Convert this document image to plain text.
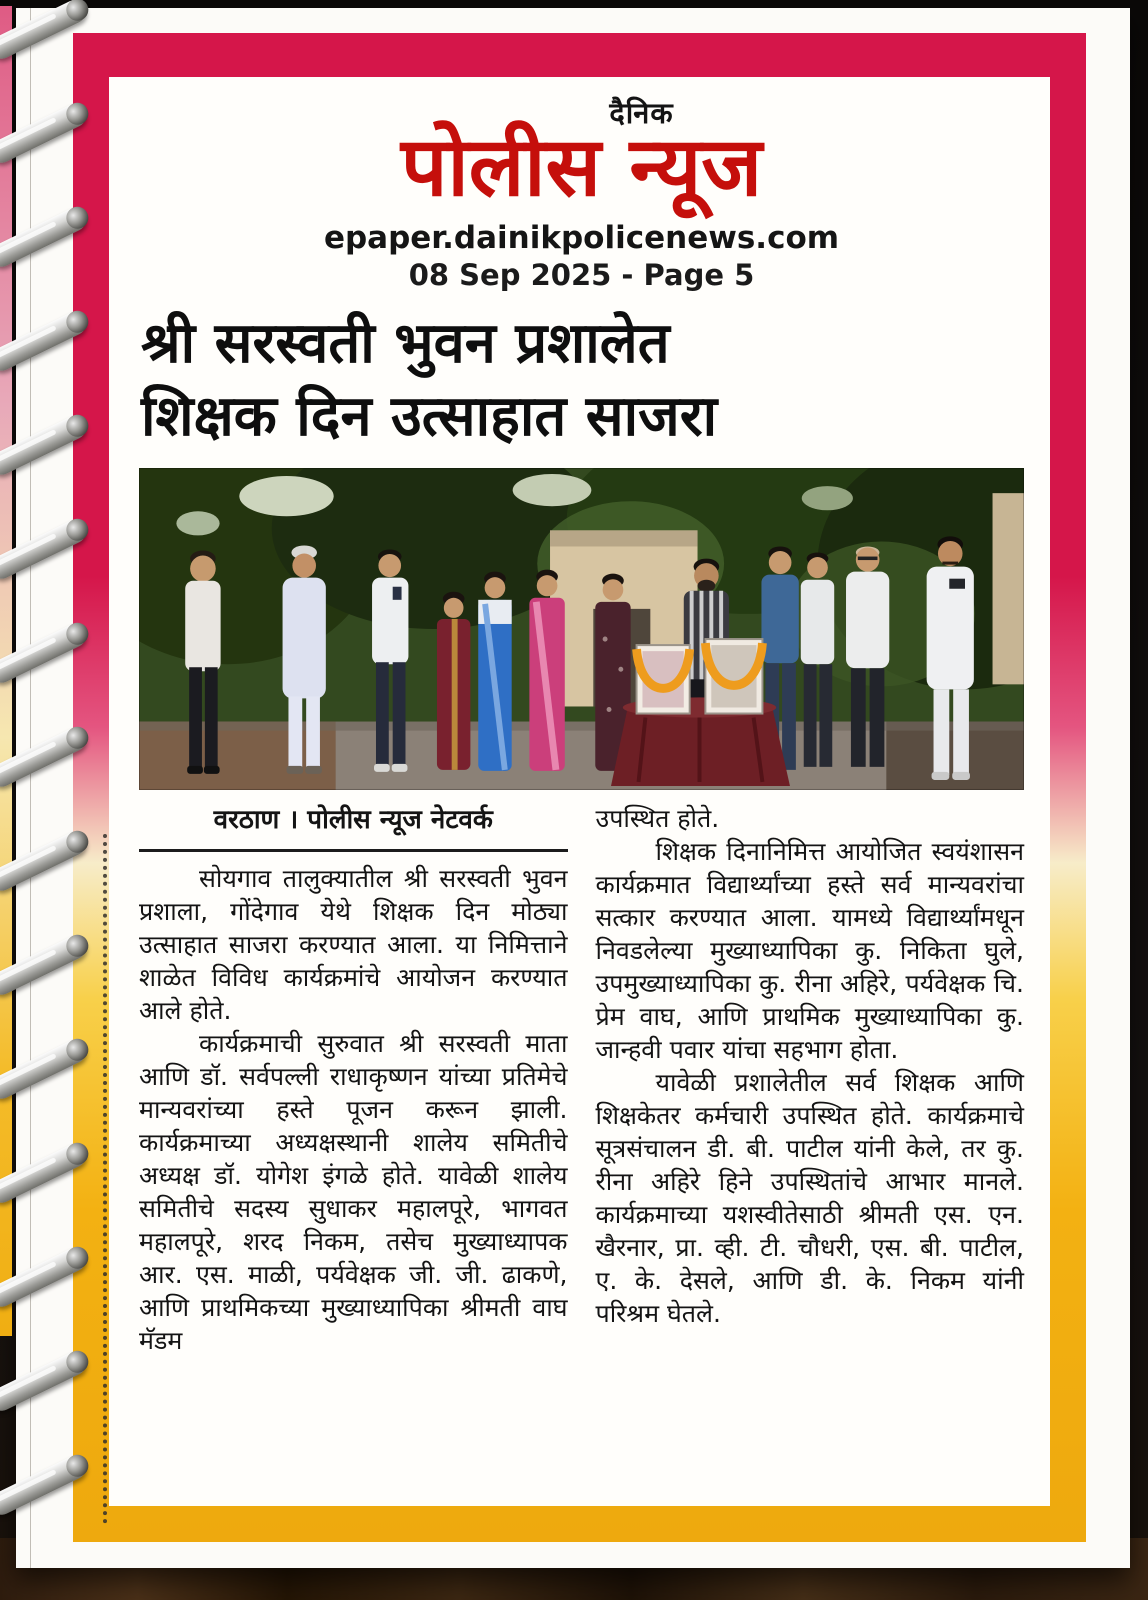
दैनिक
पोलीस न्यूज
epaper.dainikpolicenews.com
08 Sep 2025 - Page 5
श्री सरस्वती भुवन प्रशालेत
शिक्षक दिन उत्साहात साजरा
वरठाण । पोलीस न्यूज नेटवर्क

सोयगाव तालुक्यातील श्री सरस्वती भुवन प्रशाला, गोंदेगाव येथे शिक्षक दिन मोठ्या उत्साहात साजरा करण्यात आला. या निमित्ताने शाळेत विविध कार्यक्रमांचे आयोजन करण्यात आले होते.

कार्यक्रमाची सुरुवात श्री सरस्वती माता आणि डॉ. सर्वपल्ली राधाकृष्णन यांच्या प्रतिमेचे मान्यवरांच्या हस्ते पूजन करून झाली. कार्यक्रमाच्या अध्यक्षस्थानी शालेय समितीचे अध्यक्ष डॉ. योगेश इंगळे होते. यावेळी शालेय समितीचे सदस्य सुधाकर महालपूरे, भागवत महालपूरे, शरद निकम, तसेच मुख्याध्यापक आर. एस. माळी, पर्यवेक्षक जी. जी. ढाकणे, आणि प्राथमिकच्या मुख्याध्यापिका श्रीमती वाघ मॅडम

उपस्थित होते.

शिक्षक दिनानिमित्त आयोजित स्वयंशासन कार्यक्रमात विद्यार्थ्यांच्या हस्ते सर्व मान्यवरांचा सत्कार करण्यात आला. यामध्ये विद्यार्थ्यांमधून निवडलेल्या मुख्याध्यापिका कु. निकिता घुले, उपमुख्याध्यापिका कु. रीना अहिरे, पर्यवेक्षक चि. प्रेम वाघ, आणि प्राथमिक मुख्याध्यापिका कु. जान्हवी पवार यांचा सहभाग होता.

यावेळी प्रशालेतील सर्व शिक्षक आणि शिक्षकेतर कर्मचारी उपस्थित होते. कार्यक्रमाचे सूत्रसंचालन डी. बी. पाटील यांनी केले, तर कु. रीना अहिरे हिने उपस्थितांचे आभार मानले. कार्यक्रमाच्या यशस्वीतेसाठी श्रीमती एस. एन. खैरनार, प्रा. व्ही. टी. चौधरी, एस. बी. पाटील, ए. के. देसले, आणि डी. के. निकम यांनी परिश्रम घेतले.
